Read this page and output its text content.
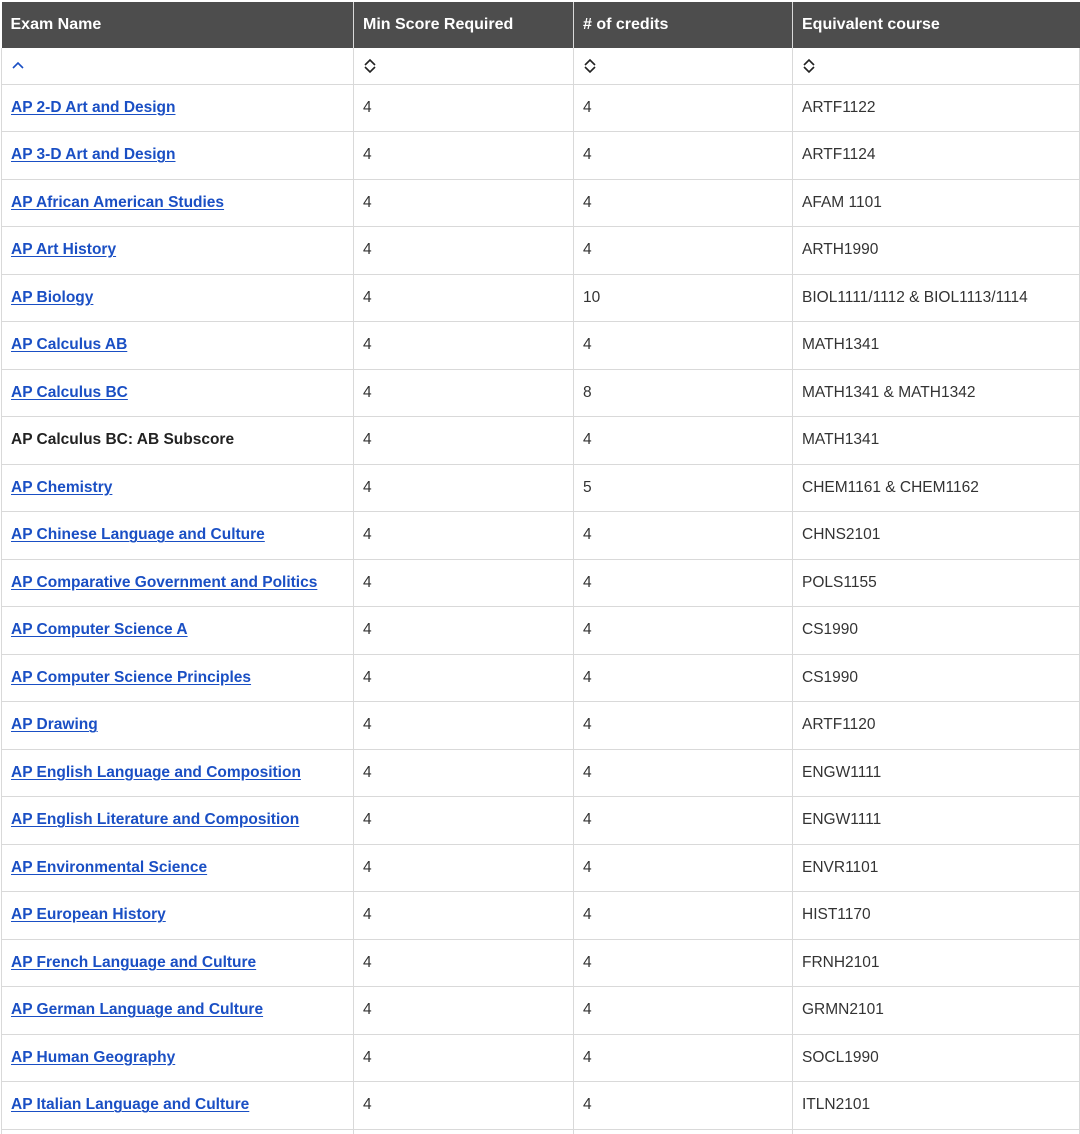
Exam Name	Min Score Required	# of credits	Equivalent course

AP 2-D Art and Design	4	4	ARTF1122
AP 3-D Art and Design	4	4	ARTF1124
AP African American Studies	4	4	AFAM 1101
AP Art History	4	4	ARTH1990
AP Biology	4	10	BIOL1111/1112 & BIOL1113/1114
AP Calculus AB	4	4	MATH1341
AP Calculus BC	4	8	MATH1341 & MATH1342
AP Calculus BC: AB Subscore	4	4	MATH1341
AP Chemistry	4	5	CHEM1161 & CHEM1162
AP Chinese Language and Culture	4	4	CHNS2101
AP Comparative Government and Politics	4	4	POLS1155
AP Computer Science A	4	4	CS1990
AP Computer Science Principles	4	4	CS1990
AP Drawing	4	4	ARTF1120
AP English Language and Composition	4	4	ENGW1111
AP English Literature and Composition	4	4	ENGW1111
AP Environmental Science	4	4	ENVR1101
AP European History	4	4	HIST1170
AP French Language and Culture	4	4	FRNH2101
AP German Language and Culture	4	4	GRMN2101
AP Human Geography	4	4	SOCL1990
AP Italian Language and Culture	4	4	ITLN2101
